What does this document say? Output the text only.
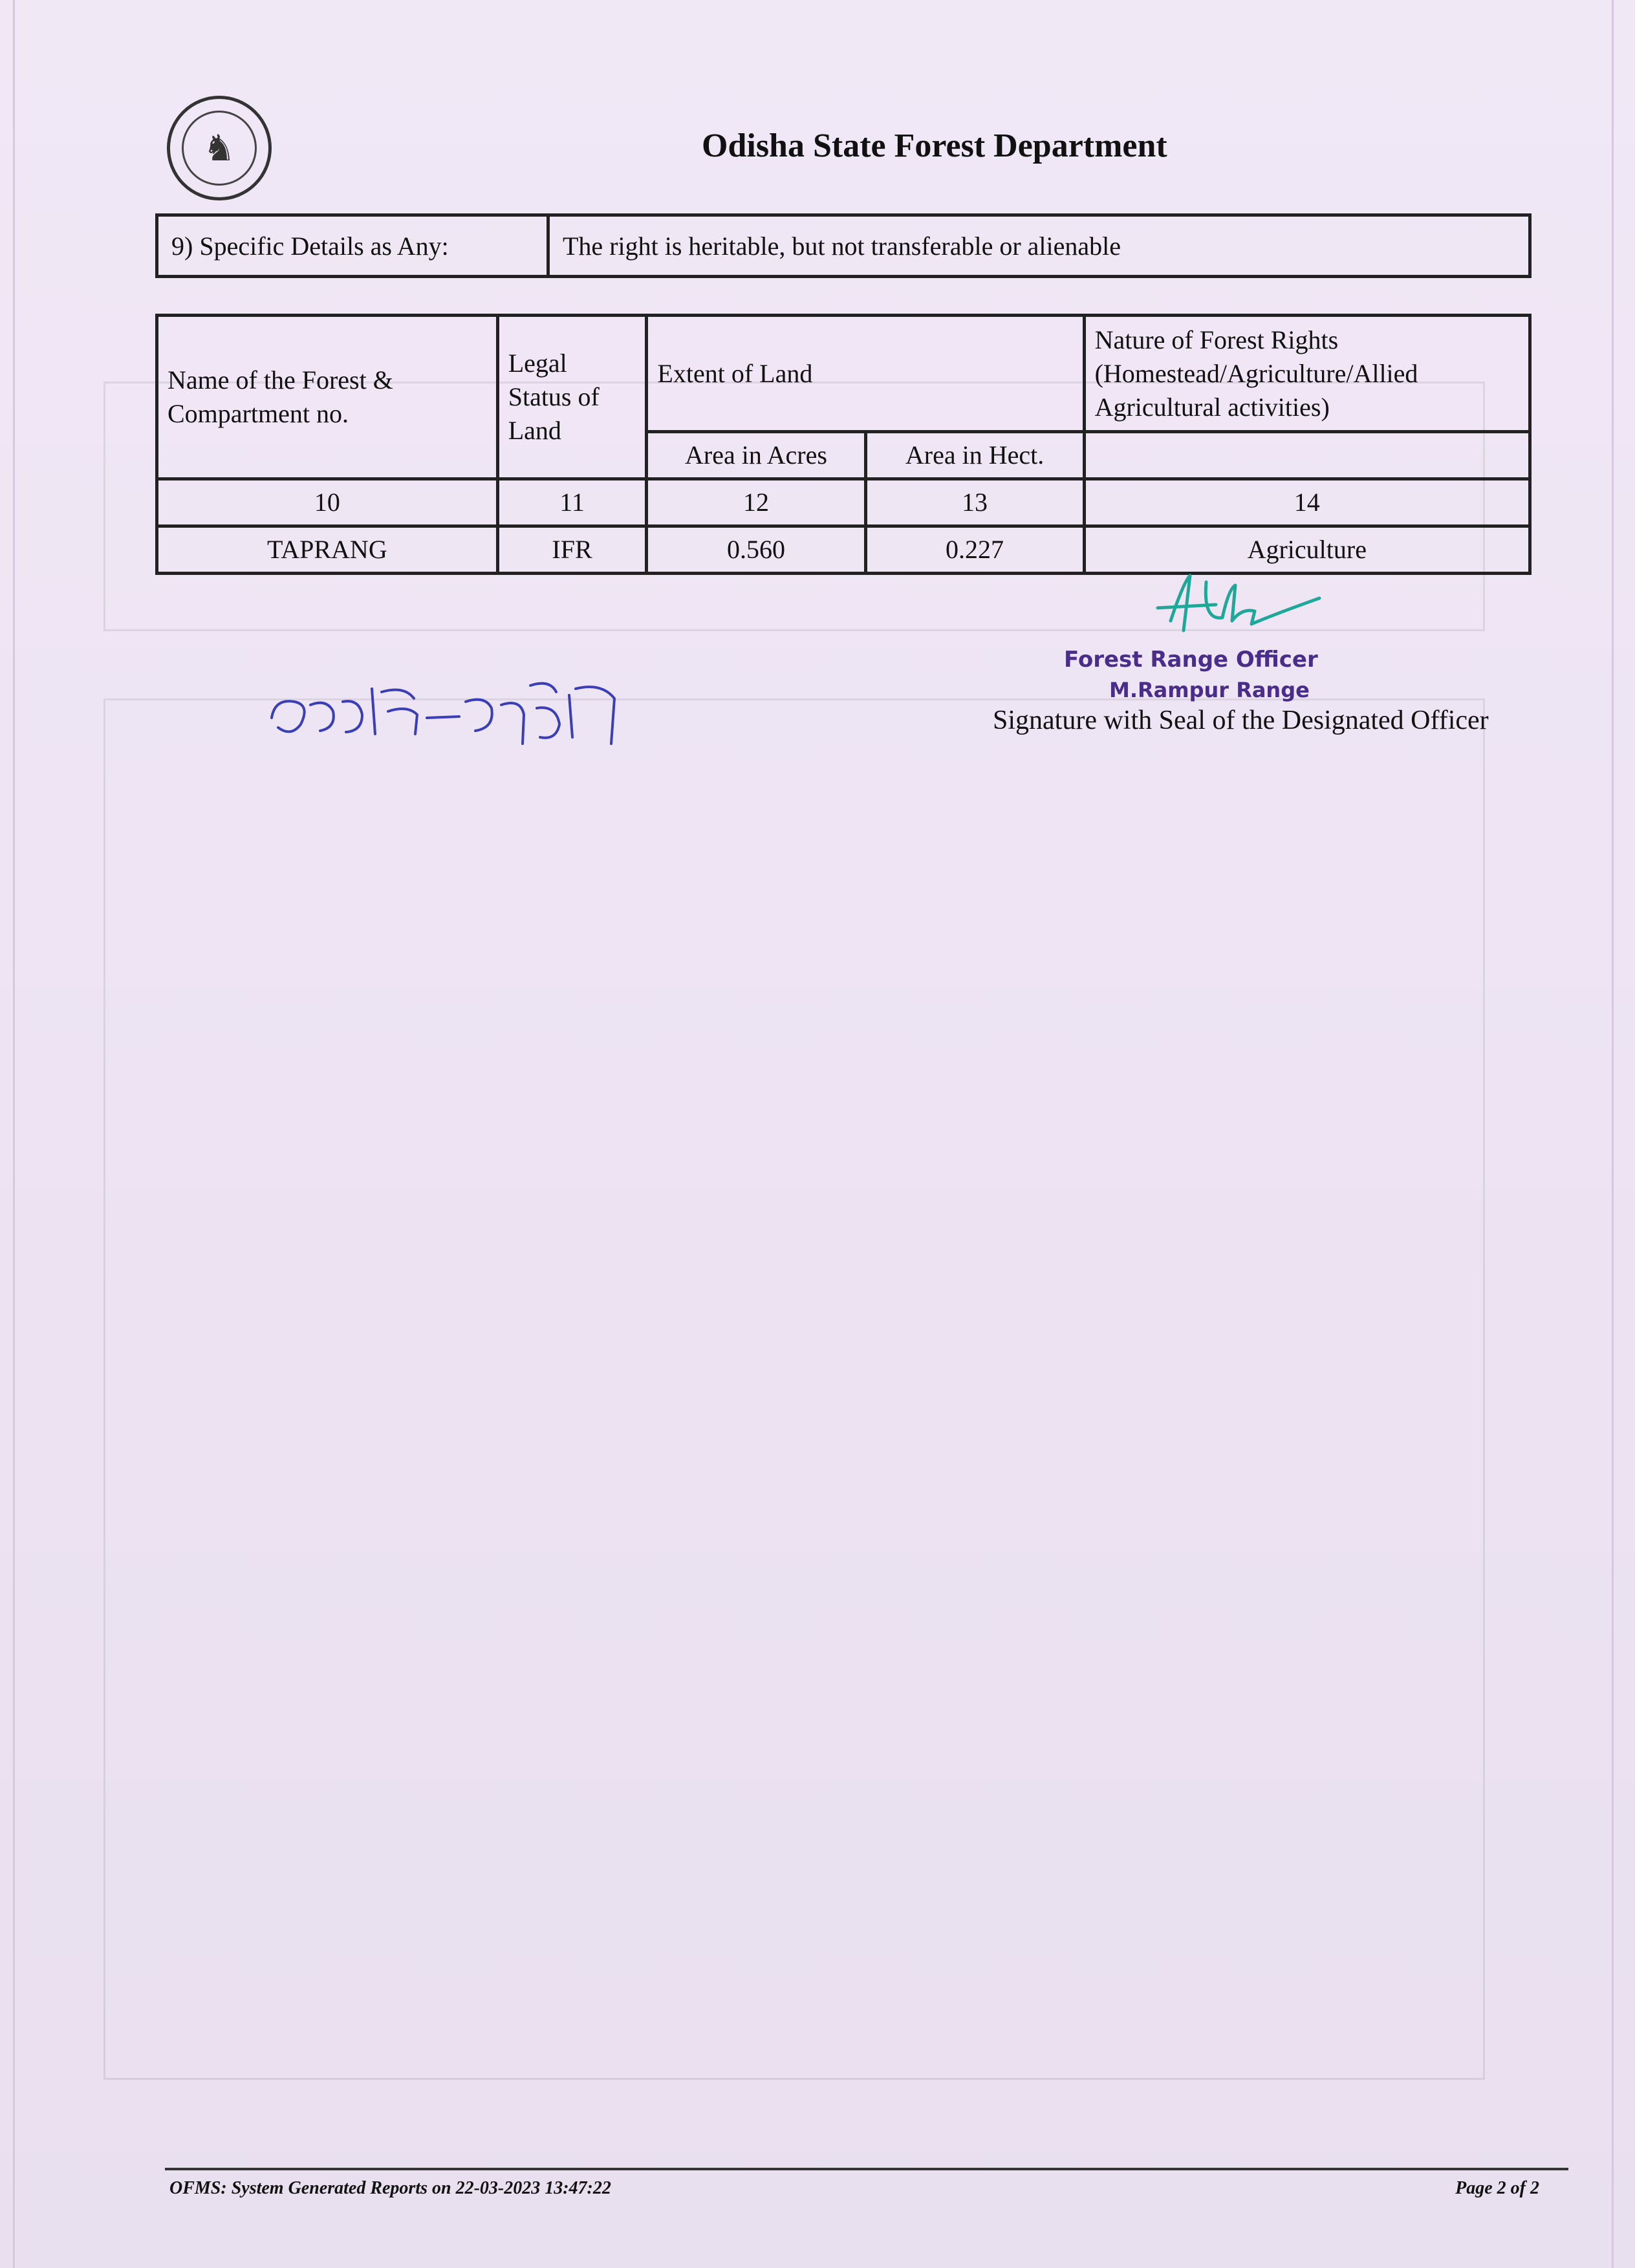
♞	Odisha State Forest Department
9) Specific Details as Any:	The right is heritable, but not transferable or alienable
Name of the Forest & Compartment no.	Legal Status of Land	Extent of Land		Nature of Forest Rights (Homestead/Agriculture/Allied Agricultural activities)
		Area in Acres	Area in Hect.	
10	11	12	13	14
TAPRANG	IFR	0.560	0.227	Agriculture
Forest Range Officer
M.Rampur Range
Signature with Seal of the Designated Officer
OFMS: System Generated Reports on 22-03-2023 13:47:22	Page 2 of 2
